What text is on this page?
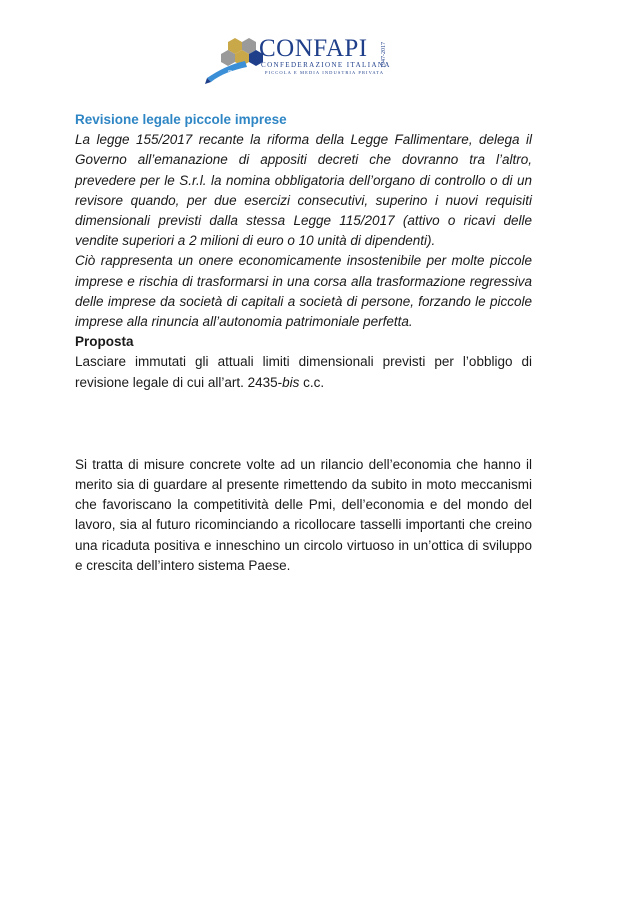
70°
CONFAPI
CONFEDERAZIONE ITALIANA
PICCOLA E MEDIA INDUSTRIA PRIVATA
1947-2017

Revisione legale piccole imprese

La legge 155/2017 recante la riforma della Legge Fallimentare, delega il Governo all’emanazione di appositi decreti che dovranno tra l’altro, prevedere per le S.r.l. la nomina obbligatoria dell’organo di controllo o di un revisore quando, per due esercizi consecutivi, superino i nuovi requisiti dimensionali previsti dalla stessa Legge 115/2017 (attivo o ricavi delle vendite superiori a 2 milioni di euro o 10 unità di dipendenti).

Ciò rappresenta un onere economicamente insostenibile per molte piccole imprese e rischia di trasformarsi in una corsa alla trasformazione regressiva delle imprese da società di capitali a società di persone, forzando le piccole imprese alla rinuncia all’autonomia patrimoniale perfetta.

Proposta

Lasciare immutati gli attuali limiti dimensionali previsti per l’obbligo di revisione legale di cui all’art. 2435-bis c.c.

Si tratta di misure concrete volte ad un rilancio dell’economia che hanno il merito sia di guardare al presente rimettendo da subito in moto meccanismi che favoriscano la competitività delle Pmi, dell’economia e del mondo del lavoro, sia al futuro ricominciando a ricollocare tasselli importanti che creino una ricaduta positiva e inneschino un circolo virtuoso in un’ottica di sviluppo e crescita dell’intero sistema Paese.
